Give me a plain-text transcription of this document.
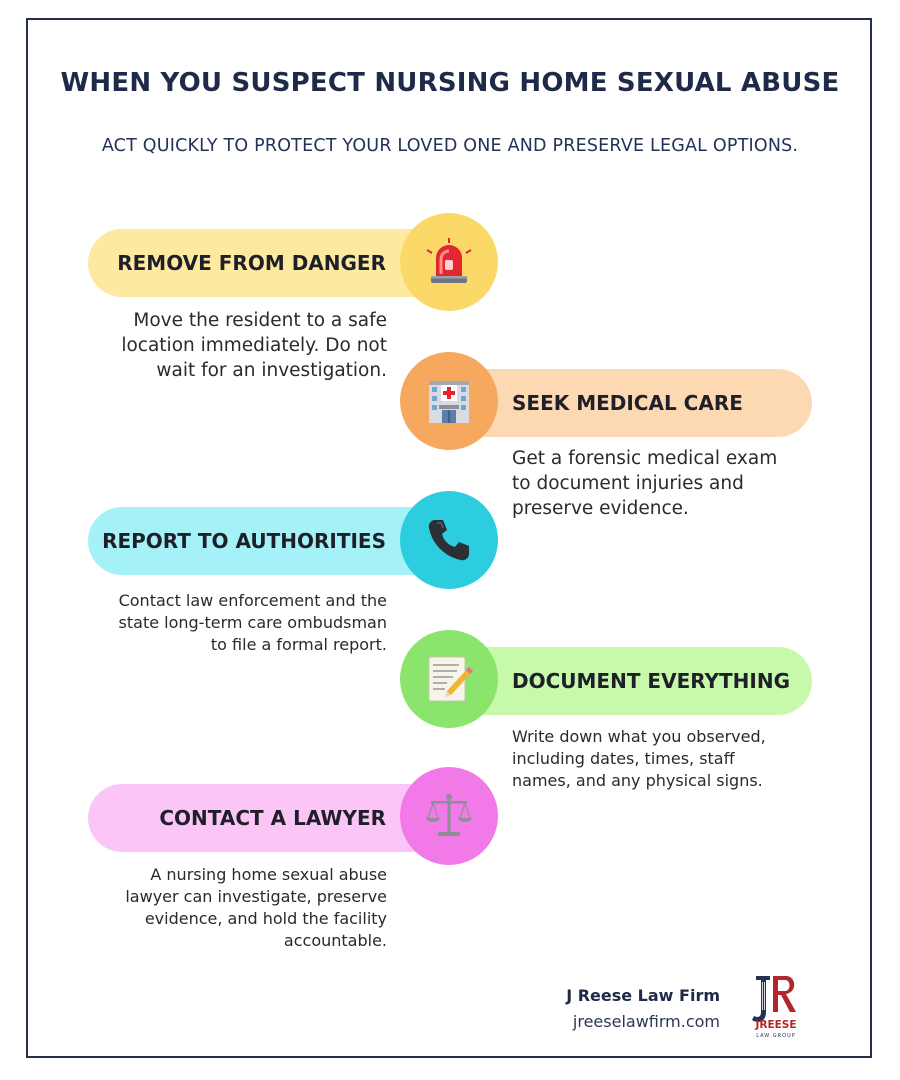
WHEN YOU SUSPECT NURSING HOME SEXUAL ABUSE
ACT QUICKLY TO PROTECT YOUR LOVED ONE AND PRESERVE LEGAL OPTIONS.
REMOVE FROM DANGER
Move the resident to a safe location immediately. Do not wait for an investigation.
SEEK MEDICAL CARE
Get a forensic medical exam to document injuries and preserve evidence.
REPORT TO AUTHORITIES
Contact law enforcement and the state long-term care ombudsman to file a formal report.
DOCUMENT EVERYTHING
Write down what you observed, including dates, times, staff names, and any physical signs.
CONTACT A LAWYER
A nursing home sexual abuse lawyer can investigate, preserve evidence, and hold the facility accountable.
J Reese Law Firm
jreeselawfirm.com	JREESE
LAW GROUP
